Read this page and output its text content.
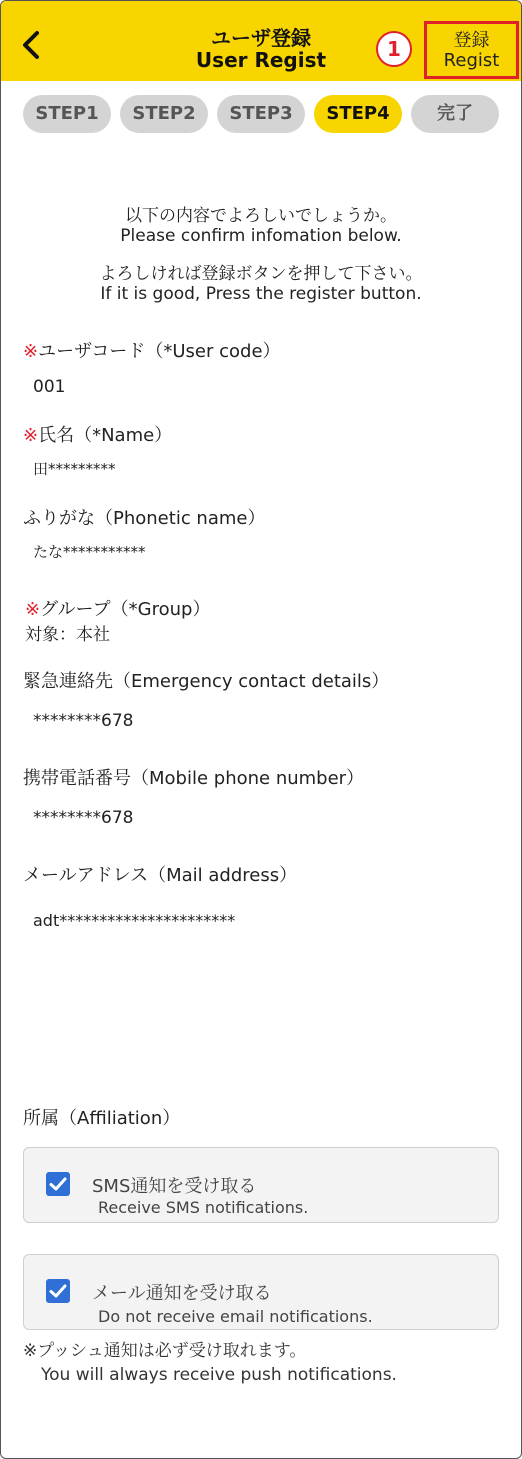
ユーザ登録
User Regist	1	登録
Regist
STEP1	STEP2	STEP3	STEP4	完了

以下の内容でよろしいでしょうか。

Please confirm infomation below.

よろしければ登録ボタンを押して下さい。

If it is good, Press the register button.

※ユーザコード（*User code）
001
※氏名（*Name）
田*********
ふりがな（Phonetic name）
たな***********
※グループ（*Group）
対象：本社
緊急連絡先（Emergency contact details）
********678
携帯電話番号（Mobile phone number）
********678
メールアドレス（Mail address）
adt**********************
所属（Affiliation）
SMS通知を受け取る
Receive SMS notifications.
メール通知を受け取る
Do not receive email notifications.
※プッシュ通知は必ず受け取れます。
You will always receive push notifications.
